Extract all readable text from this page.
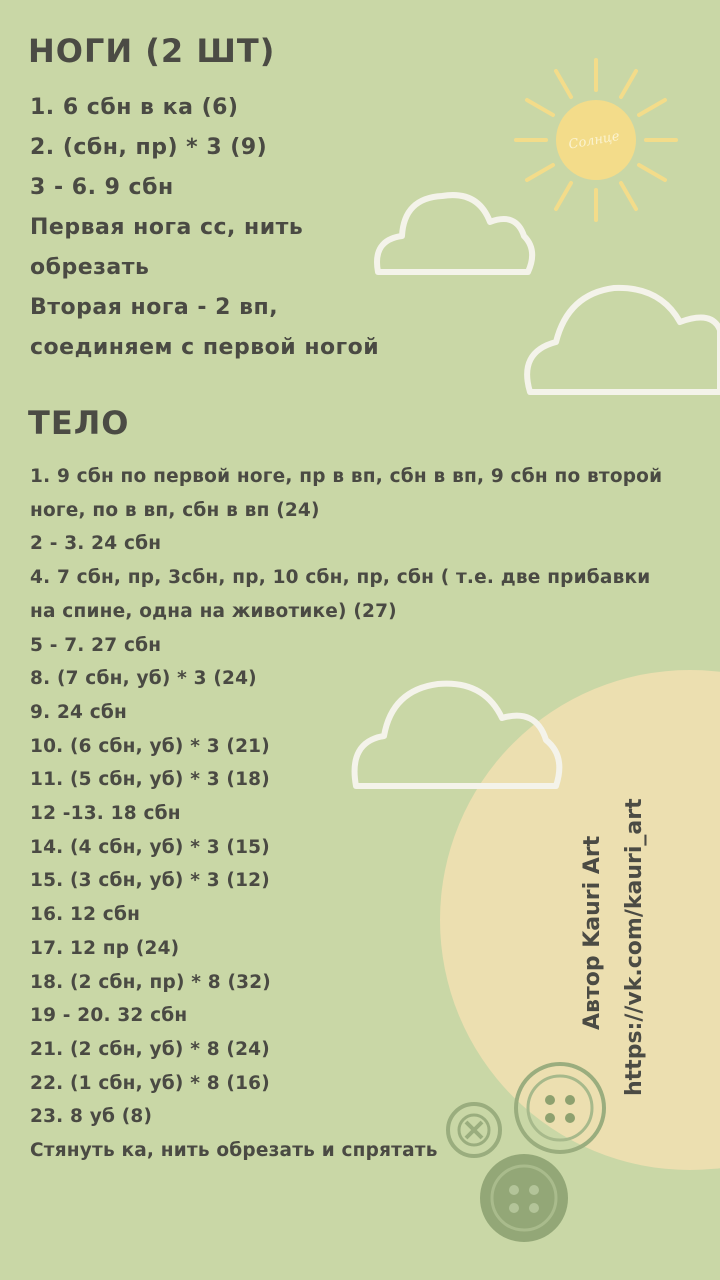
Солнце
НОГИ (2 ШТ)
1. 6 сбн в ка (6)
2. (сбн, пр) * 3 (9)
3 - 6. 9 сбн
Первая нога сс, нить
обрезать
Вторая нога - 2 вп,
соединяем с первой ногой
ТЕЛО
1. 9 сбн по первой ноге, пр в вп, сбн в вп, 9 сбн по второй
ноге, по в вп, сбн в вп (24)
2 - 3. 24 сбн
4. 7 сбн, пр, 3сбн, пр, 10 сбн, пр, сбн ( т.е. две прибавки
на спине, одна на животике) (27)
5 - 7. 27 сбн
8. (7 сбн, уб) * 3 (24)
9. 24 сбн
10. (6 сбн, уб) * 3 (21)
11. (5 сбн, уб) * 3 (18)
12 -13. 18 сбн
14. (4 сбн, уб) * 3 (15)
15. (3 сбн, уб) * 3 (12)
16. 12 сбн
17. 12 пр (24)
18. (2 сбн, пр) * 8 (32)
19 - 20. 32 сбн
21. (2 сбн, уб) * 8 (24)
22. (1 сбн, уб) * 8 (16)
23. 8 уб (8)
Стянуть ка, нить обрезать и спрятать
Автор Kauri Art https://vk.com/kauri_art
